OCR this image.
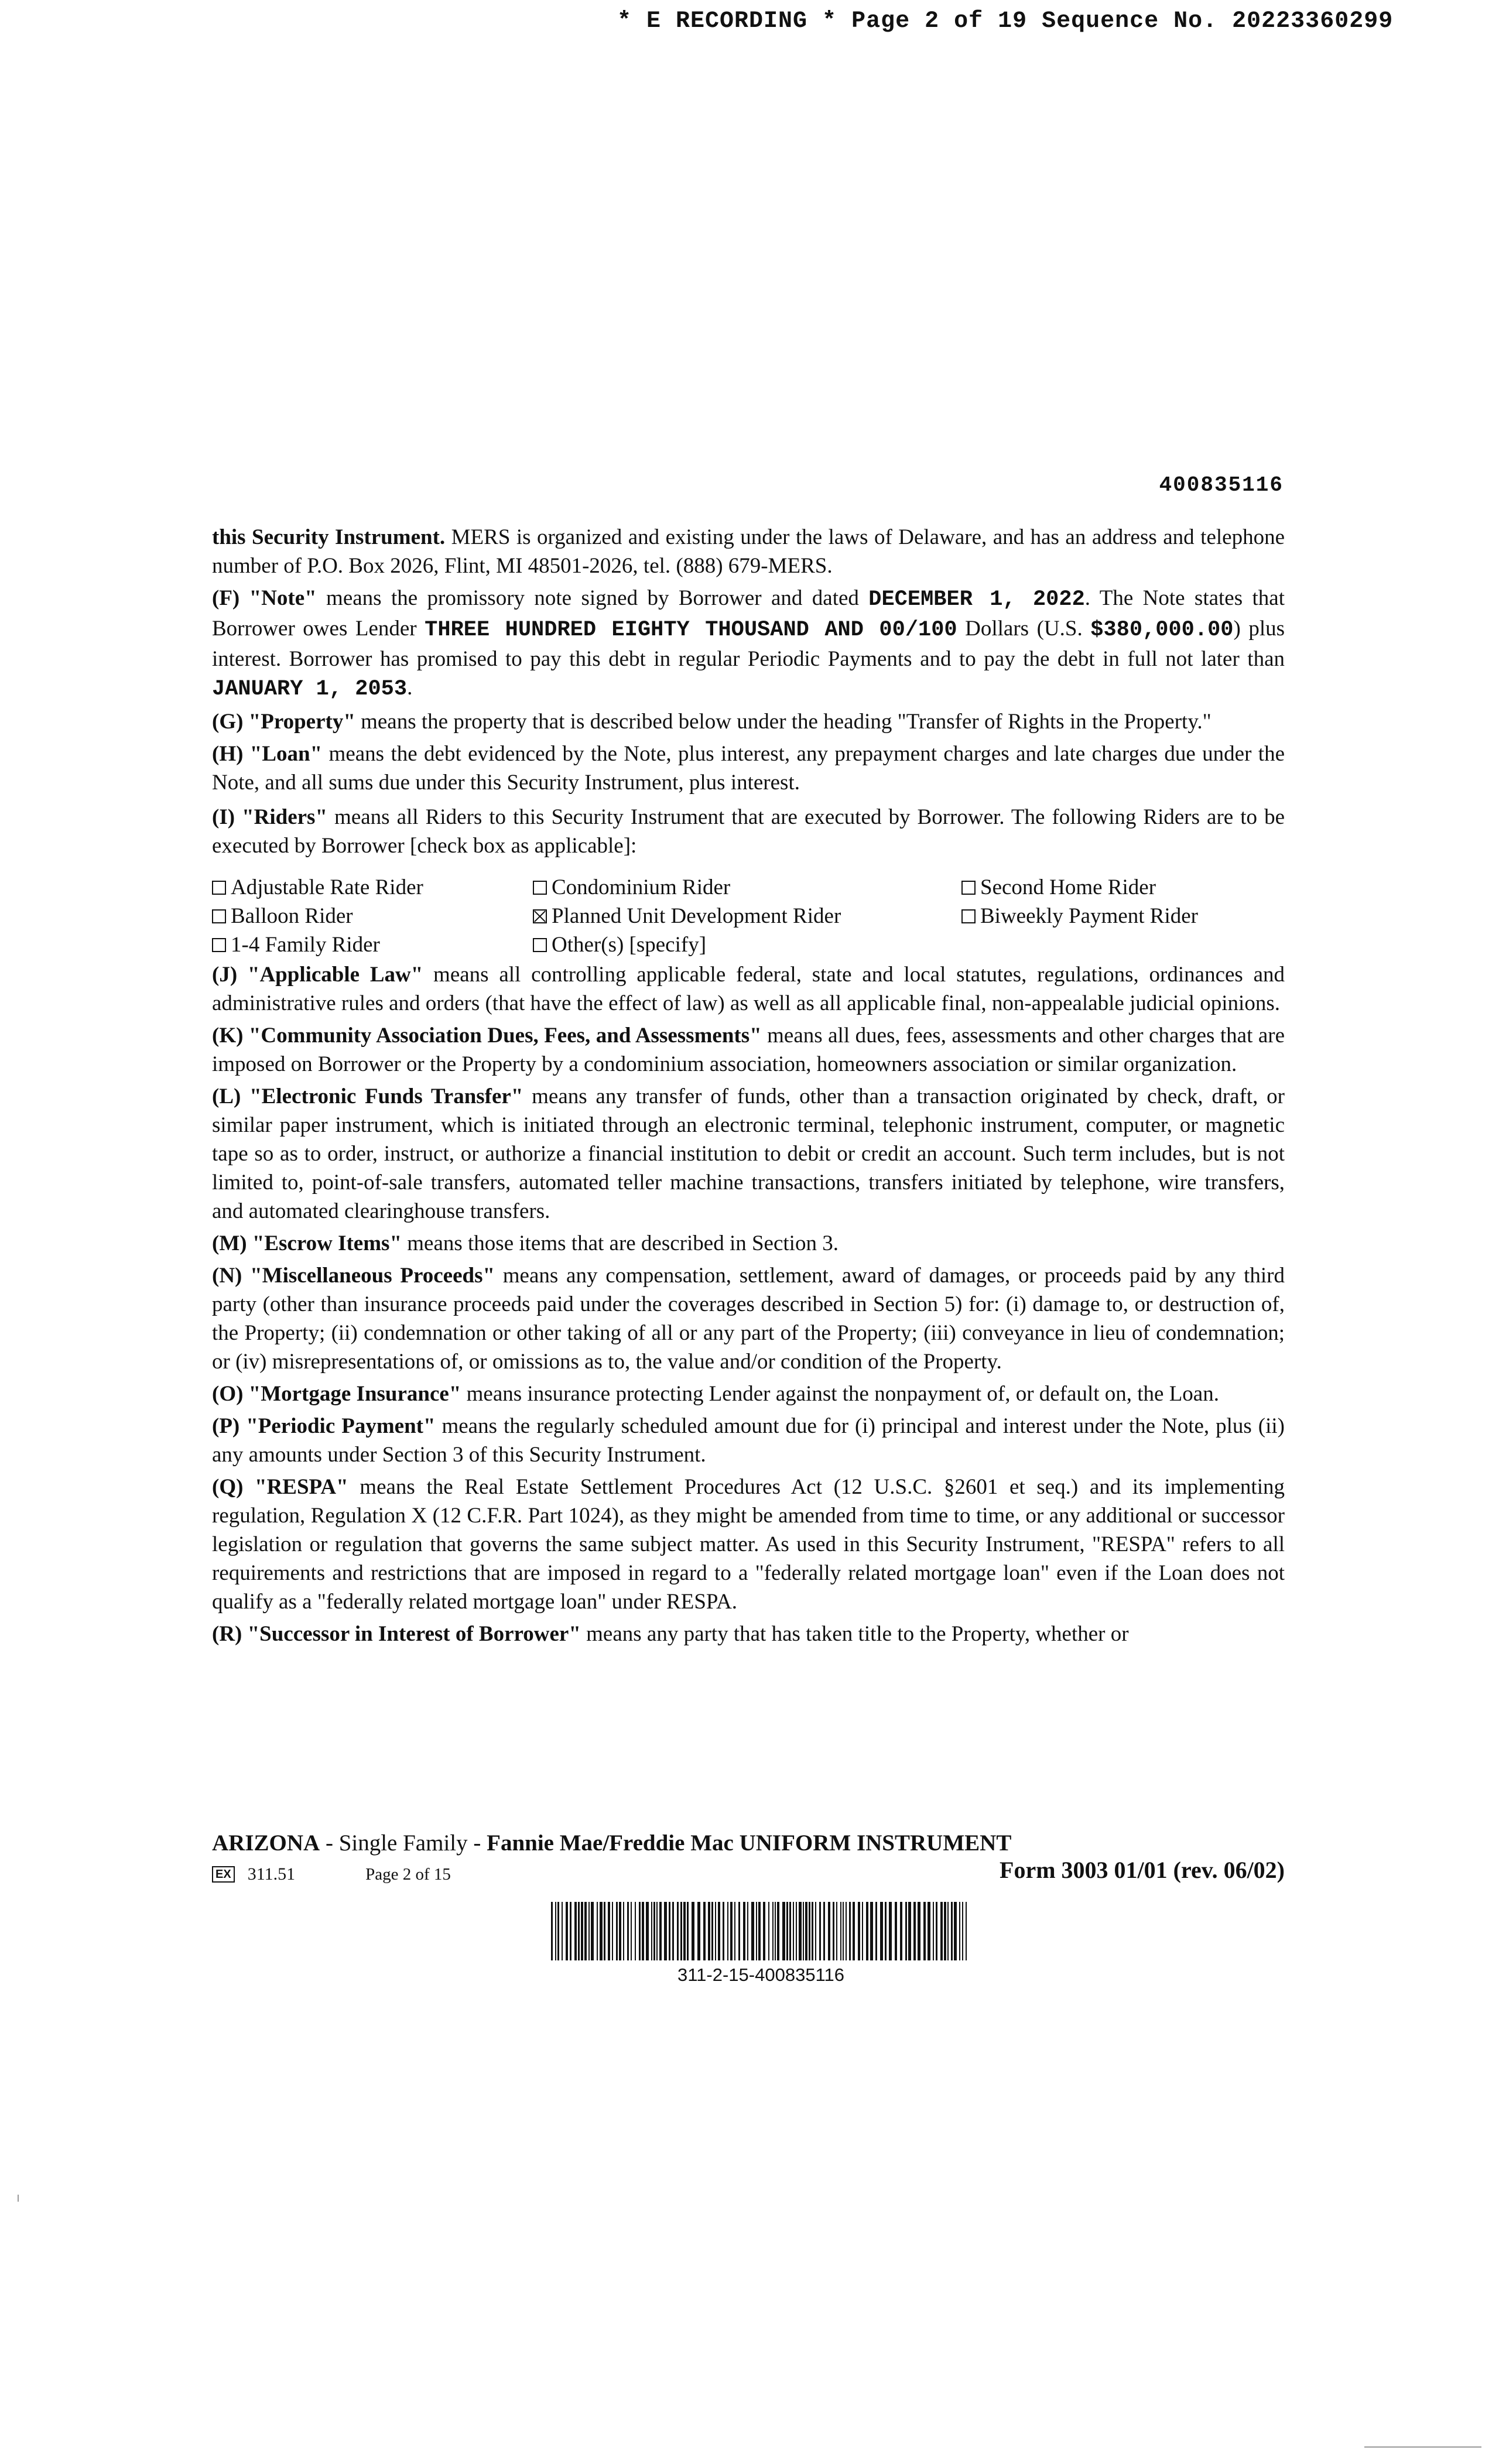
* E RECORDING * Page 2 of 19 Sequence No. 20223360299
400835116

this Security Instrument. MERS is organized and existing under the laws of Delaware, and has an address and telephone number of P.O. Box 2026, Flint, MI 48501-2026, tel. (888) 679-MERS.

(F) "Note" means the promissory note signed by Borrower and dated DECEMBER 1, 2022. The Note states that Borrower owes Lender THREE HUNDRED EIGHTY THOUSAND AND 00/100 Dollars (U.S. $380,000.00) plus interest. Borrower has promised to pay this debt in regular Periodic Payments and to pay the debt in full not later than JANUARY 1, 2053.

(G) "Property" means the property that is described below under the heading "Transfer of Rights in the Property."

(H) "Loan" means the debt evidenced by the Note, plus interest, any prepayment charges and late charges due under the Note, and all sums due under this Security Instrument, plus interest.

(I) "Riders" means all Riders to this Security Instrument that are executed by Borrower. The following Riders are to be executed by Borrower [check box as applicable]:

Adjustable Rate Rider	Condominium Rider	Second Home Rider
Balloon Rider	Planned Unit Development Rider	Biweekly Payment Rider
1-4 Family Rider	Other(s) [specify]

(J) "Applicable Law" means all controlling applicable federal, state and local statutes, regulations, ordinances and administrative rules and orders (that have the effect of law) as well as all applicable final, non-appealable judicial opinions.

(K) "Community Association Dues, Fees, and Assessments" means all dues, fees, assessments and other charges that are imposed on Borrower or the Property by a condominium association, homeowners association or similar organization.

(L) "Electronic Funds Transfer" means any transfer of funds, other than a transaction originated by check, draft, or similar paper instrument, which is initiated through an electronic terminal, telephonic instrument, computer, or magnetic tape so as to order, instruct, or authorize a financial institution to debit or credit an account. Such term includes, but is not limited to, point-of-sale transfers, automated teller machine transactions, transfers initiated by telephone, wire transfers, and automated clearinghouse transfers.

(M) "Escrow Items" means those items that are described in Section 3.

(N) "Miscellaneous Proceeds" means any compensation, settlement, award of damages, or proceeds paid by any third party (other than insurance proceeds paid under the coverages described in Section 5) for: (i) damage to, or destruction of, the Property; (ii) condemnation or other taking of all or any part of the Property; (iii) conveyance in lieu of condemnation; or (iv) misrepresentations of, or omissions as to, the value and/or condition of the Property.

(O) "Mortgage Insurance" means insurance protecting Lender against the nonpayment of, or default on, the Loan.

(P) "Periodic Payment" means the regularly scheduled amount due for (i) principal and interest under the Note, plus (ii) any amounts under Section 3 of this Security Instrument.

(Q) "RESPA" means the Real Estate Settlement Procedures Act (12 U.S.C. §2601 et seq.) and its implementing regulation, Regulation X (12 C.F.R. Part 1024), as they might be amended from time to time, or any additional or successor legislation or regulation that governs the same subject matter. As used in this Security Instrument, "RESPA" refers to all requirements and restrictions that are imposed in regard to a "federally related mortgage loan" even if the Loan does not qualify as a "federally related mortgage loan" under RESPA.

(R) "Successor in Interest of Borrower" means any party that has taken title to the Property, whether or

ARIZONA - Single Family - Fannie Mae/Freddie Mac UNIFORM INSTRUMENT
EX 311.51	Page 2 of 15	Form 3003 01/01 (rev. 06/02)
311-2-15-400835116
